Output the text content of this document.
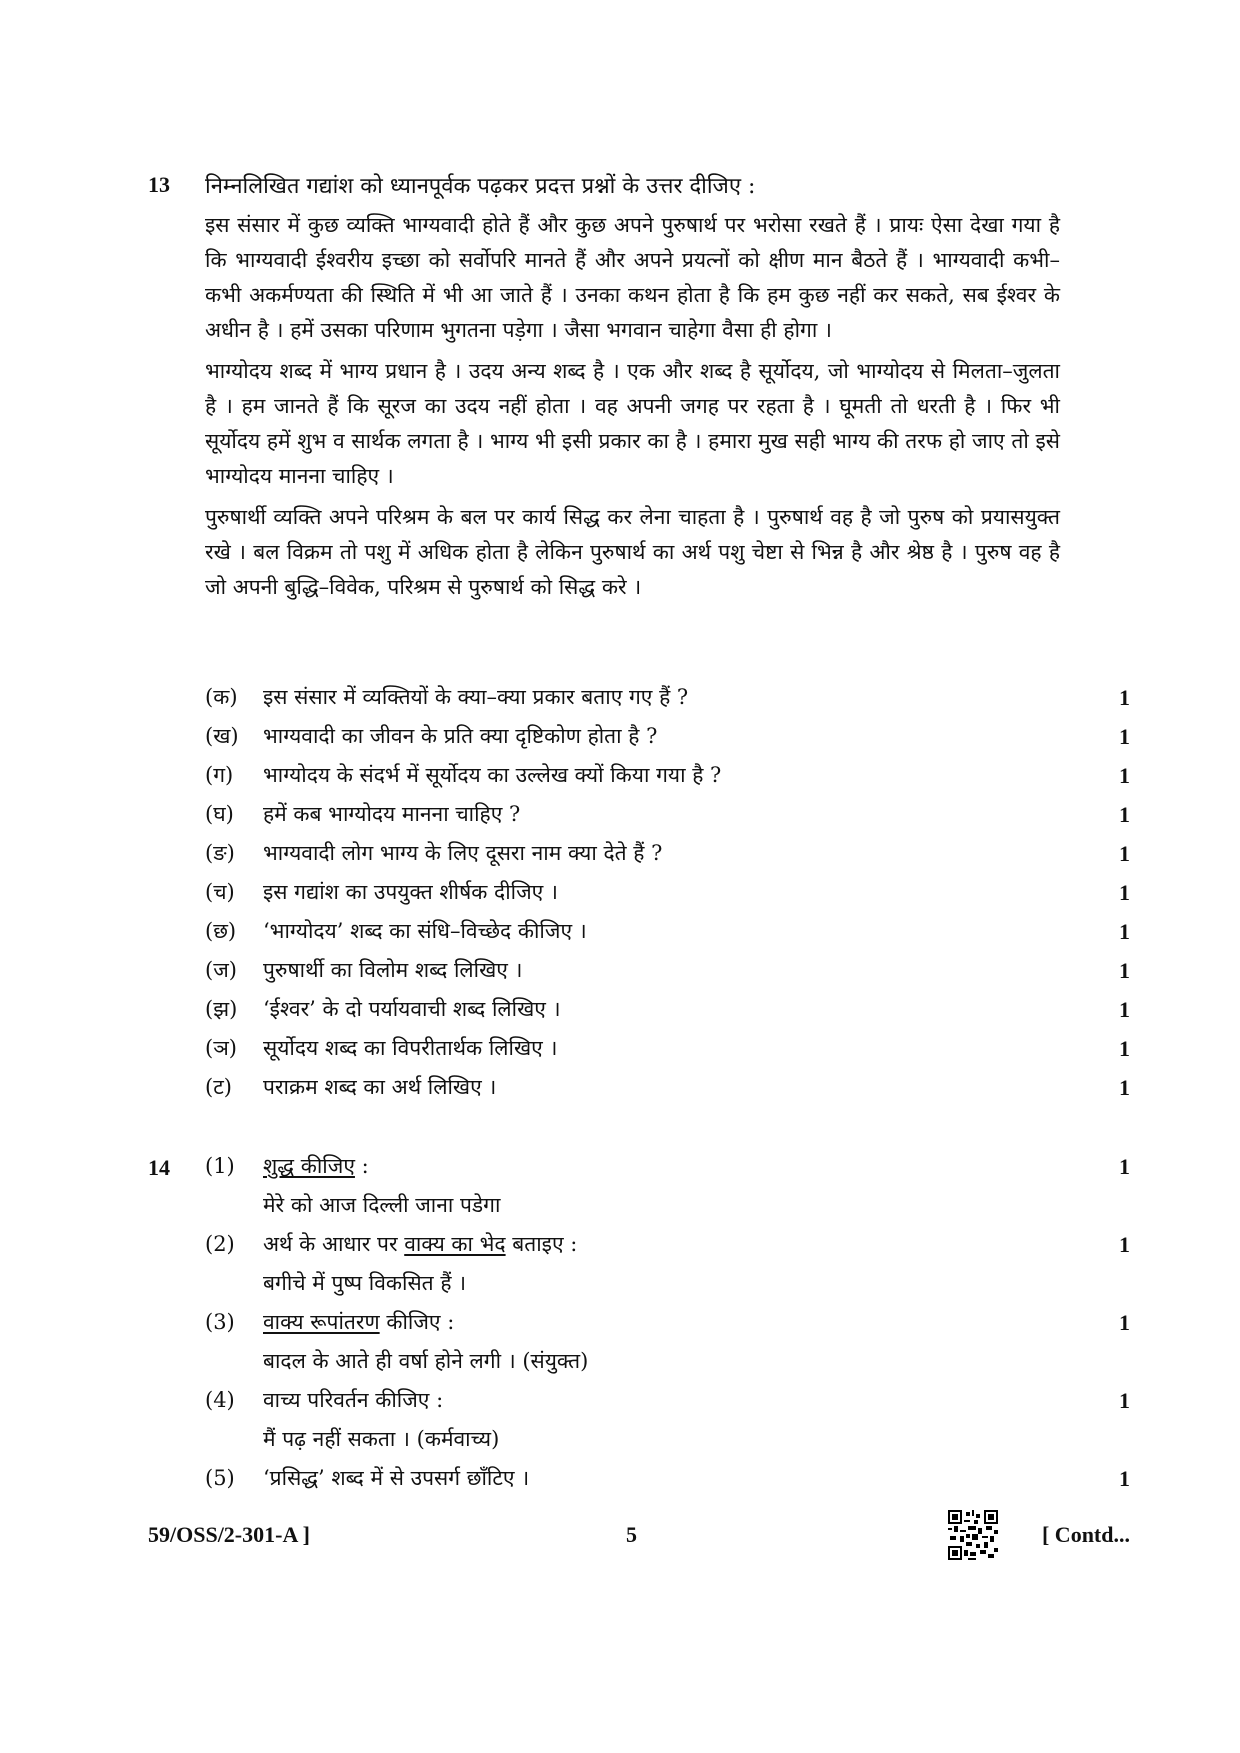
13 निम्नलिखित गद्यांश को ध्यानपूर्वक पढ़कर प्रदत्त प्रश्नों के उत्तर दीजिए :
इस संसार में कुछ व्यक्ति भाग्यवादी होते हैं और कुछ अपने पुरुषार्थ पर भरोसा रखते हैं । प्रायः ऐसा देखा गया है कि भाग्यवादी ईश्वरीय इच्छा को सर्वोपरि मानते हैं और अपने प्रयत्नों को क्षीण मान बैठते हैं । भाग्यवादी कभी–कभी अकर्मण्यता की स्थिति में भी आ जाते हैं । उनका कथन होता है कि हम कुछ नहीं कर सकते, सब ईश्वर के अधीन है । हमें उसका परिणाम भुगतना पड़ेगा । जैसा भगवान चाहेगा वैसा ही होगा ।
भाग्योदय शब्द में भाग्य प्रधान है । उदय अन्य शब्द है । एक और शब्द है सूर्योदय, जो भाग्योदय से मिलता–जुलता है । हम जानते हैं कि सूरज का उदय नहीं होता । वह अपनी जगह पर रहता है । घूमती तो धरती है । फिर भी सूर्योदय हमें शुभ व सार्थक लगता है । भाग्य भी इसी प्रकार का है । हमारा मुख सही भाग्य की तरफ हो जाए तो इसे भाग्योदय मानना चाहिए ।
पुरुषार्थी व्यक्ति अपने परिश्रम के बल पर कार्य सिद्ध कर लेना चाहता है । पुरुषार्थ वह है जो पुरुष को प्रयासयुक्त रखे । बल विक्रम तो पशु में अधिक होता है लेकिन पुरुषार्थ का अर्थ पशु चेष्टा से भिन्न है और श्रेष्ठ है । पुरुष वह है जो अपनी बुद्धि–विवेक, परिश्रम से पुरुषार्थ को सिद्ध करे ।
(क) इस संसार में व्यक्तियों के क्या–क्या प्रकार बताए गए हैं ?	1
(ख) भाग्यवादी का जीवन के प्रति क्या दृष्टिकोण होता है ?	1
(ग) भाग्योदय के संदर्भ में सूर्योदय का उल्लेख क्यों किया गया है ?	1
(घ) हमें कब भाग्योदय मानना चाहिए ?	1
(ङ) भाग्यवादी लोग भाग्य के लिए दूसरा नाम क्या देते हैं ?	1
(च) इस गद्यांश का उपयुक्त शीर्षक दीजिए ।	1
(छ) ‘भाग्योदय’ शब्द का संधि–विच्छेद कीजिए ।	1
(ज) पुरुषार्थी का विलोम शब्द लिखिए ।	1
(झ) ‘ईश्वर’ के दो पर्यायवाची शब्द लिखिए ।	1
(ञ) सूर्योदय शब्द का विपरीतार्थक लिखिए ।	1
(ट) पराक्रम शब्द का अर्थ लिखिए ।	1
14 (1) शुद्ध कीजिए :	1
मेरे को आज दिल्ली जाना पडेगा
(2) अर्थ के आधार पर वाक्य का भेद बताइए :	1
बगीचे में पुष्प विकसित हैं ।
(3) वाक्य रूपांतरण कीजिए :	1
बादल के आते ही वर्षा होने लगी । (संयुक्त)
(4) वाच्य परिवर्तन कीजिए :	1
मैं पढ़ नहीं सकता । (कर्मवाच्य)
(5) ‘प्रसिद्ध’ शब्द में से उपसर्ग छाँटिए ।	1
59/OSS/2-301-A ]	5	[ Contd...
